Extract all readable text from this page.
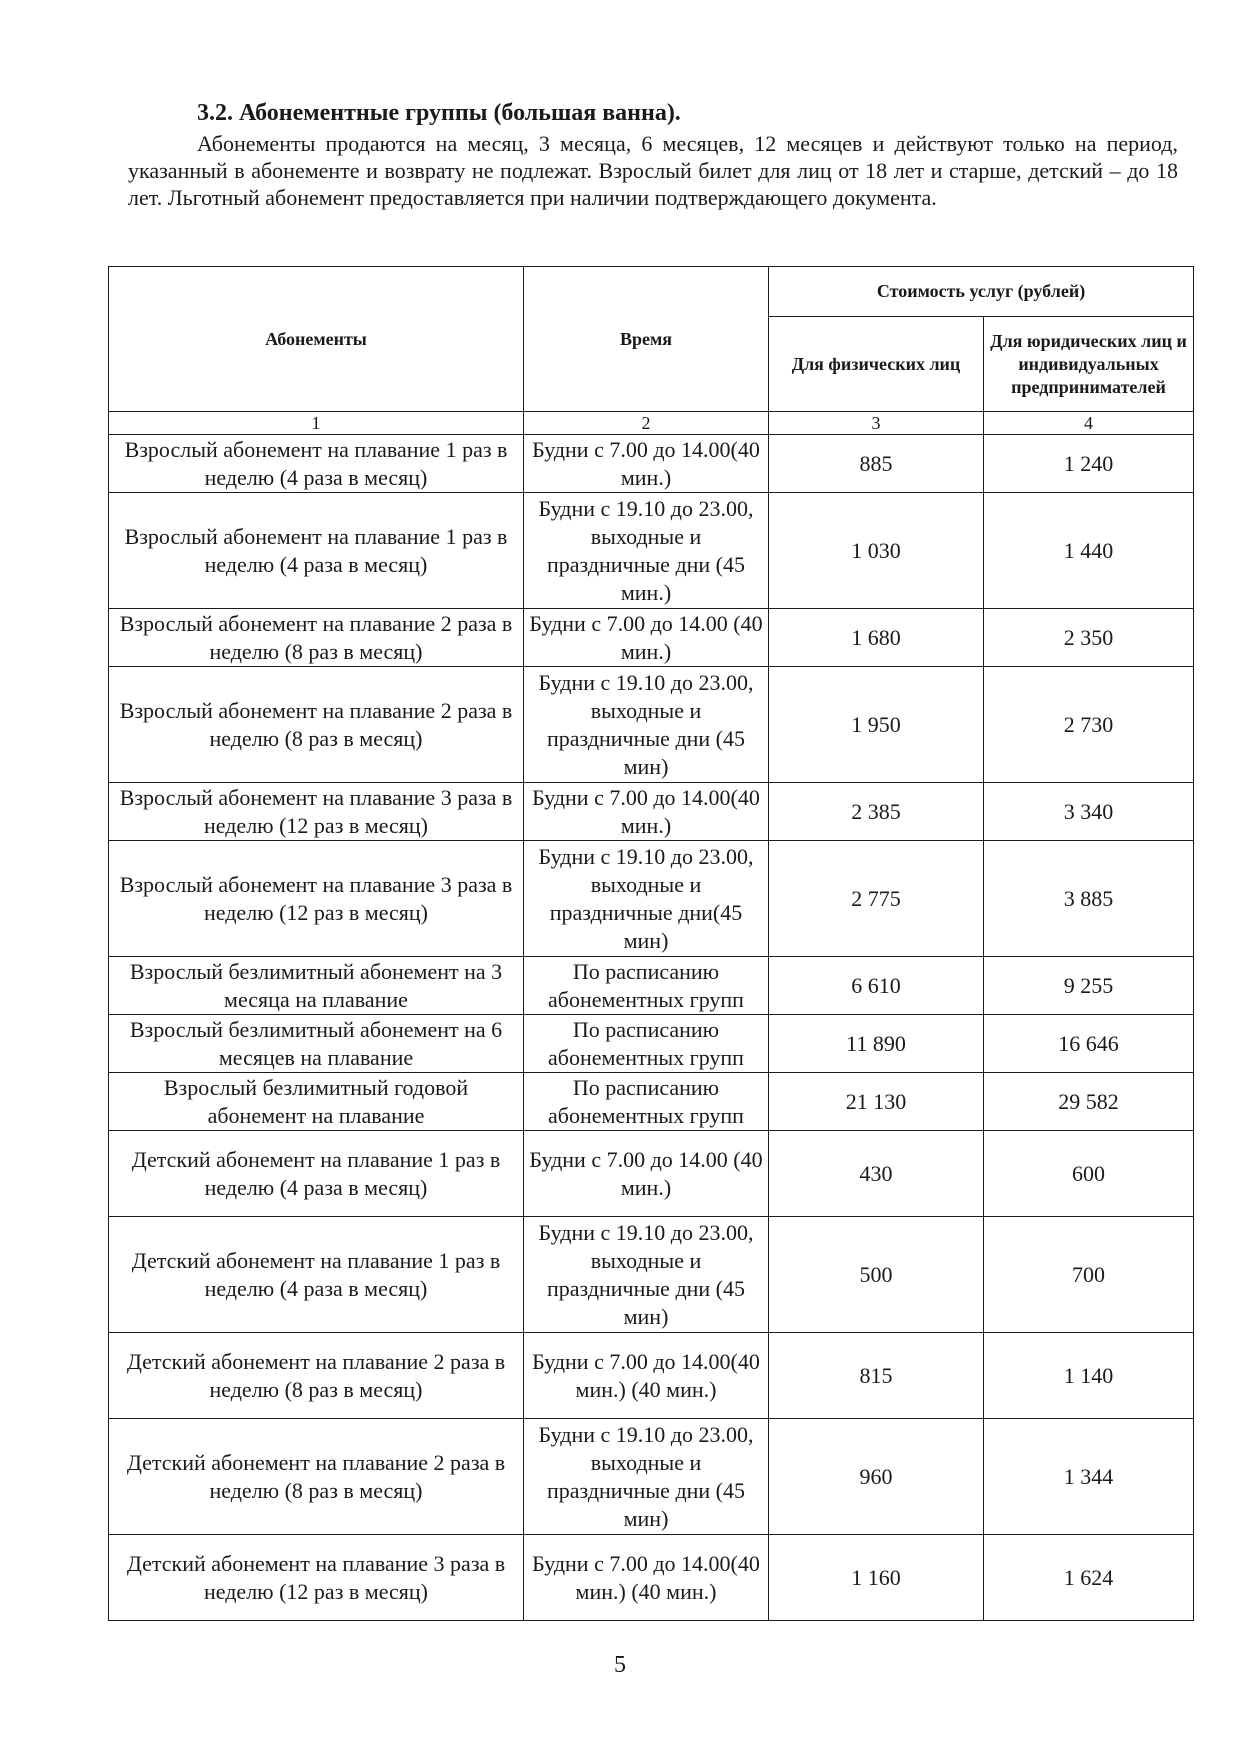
3.2. Абонементные группы (большая ванна).
Абонементы продаются на месяц, 3 месяца, 6 месяцев, 12 месяцев и действуют только на период, указанный в абонементе и возврату не подлежат. Взрослый билет для лиц от 18 лет и старше, детский – до 18 лет. Льготный абонемент предоставляется при наличии подтверждающего документа.
Абонементы	Время	Стоимость услуг (рублей)	
		Для физических лиц	Для юридических лиц и индивидуальных предпринимателей
1	2	3	4
Взрослый абонемент на плавание 1 раз в неделю (4 раза в месяц)	Будни с 7.00 до 14.00(40 мин.)	885	1 240
Взрослый абонемент на плавание 1 раз в неделю (4 раза в месяц)	Будни с 19.10 до 23.00, выходные и праздничные дни (45 мин.)	1 030	1 440
Взрослый абонемент на плавание 2 раза в неделю (8 раз в месяц)	Будни с 7.00 до 14.00 (40 мин.)	1 680	2 350
Взрослый абонемент на плавание 2 раза в неделю (8 раз в месяц)	Будни с 19.10 до 23.00, выходные и праздничные дни (45 мин)	1 950	2 730
Взрослый абонемент на плавание 3 раза в неделю (12 раз в месяц)	Будни с 7.00 до 14.00(40 мин.)	2 385	3 340
Взрослый абонемент на плавание 3 раза в неделю (12 раз в месяц)	Будни с 19.10 до 23.00, выходные и праздничные дни(45 мин)	2 775	3 885
Взрослый безлимитный абонемент на 3 месяца на плавание	По расписанию абонементных групп	6 610	9 255
Взрослый безлимитный абонемент на 6 месяцев на плавание	По расписанию абонементных групп	11 890	16 646
Взрослый безлимитный годовой абонемент на плавание	По расписанию абонементных групп	21 130	29 582
Детский абонемент на плавание 1 раз в неделю (4 раза в месяц)	Будни с 7.00 до 14.00 (40 мин.)	430	600
Детский абонемент на плавание 1 раз в неделю (4 раза в месяц)	Будни с 19.10 до 23.00, выходные и праздничные дни (45 мин)	500	700
Детский абонемент на плавание 2 раза в неделю (8 раз в месяц)	Будни с 7.00 до 14.00(40 мин.) (40 мин.)	815	1 140
Детский абонемент на плавание 2 раза в неделю (8 раз в месяц)	Будни с 19.10 до 23.00, выходные и праздничные дни (45 мин)	960	1 344
Детский абонемент на плавание 3 раза в неделю (12 раз в месяц)	Будни с 7.00 до 14.00(40 мин.) (40 мин.)	1 160	1 624
5
